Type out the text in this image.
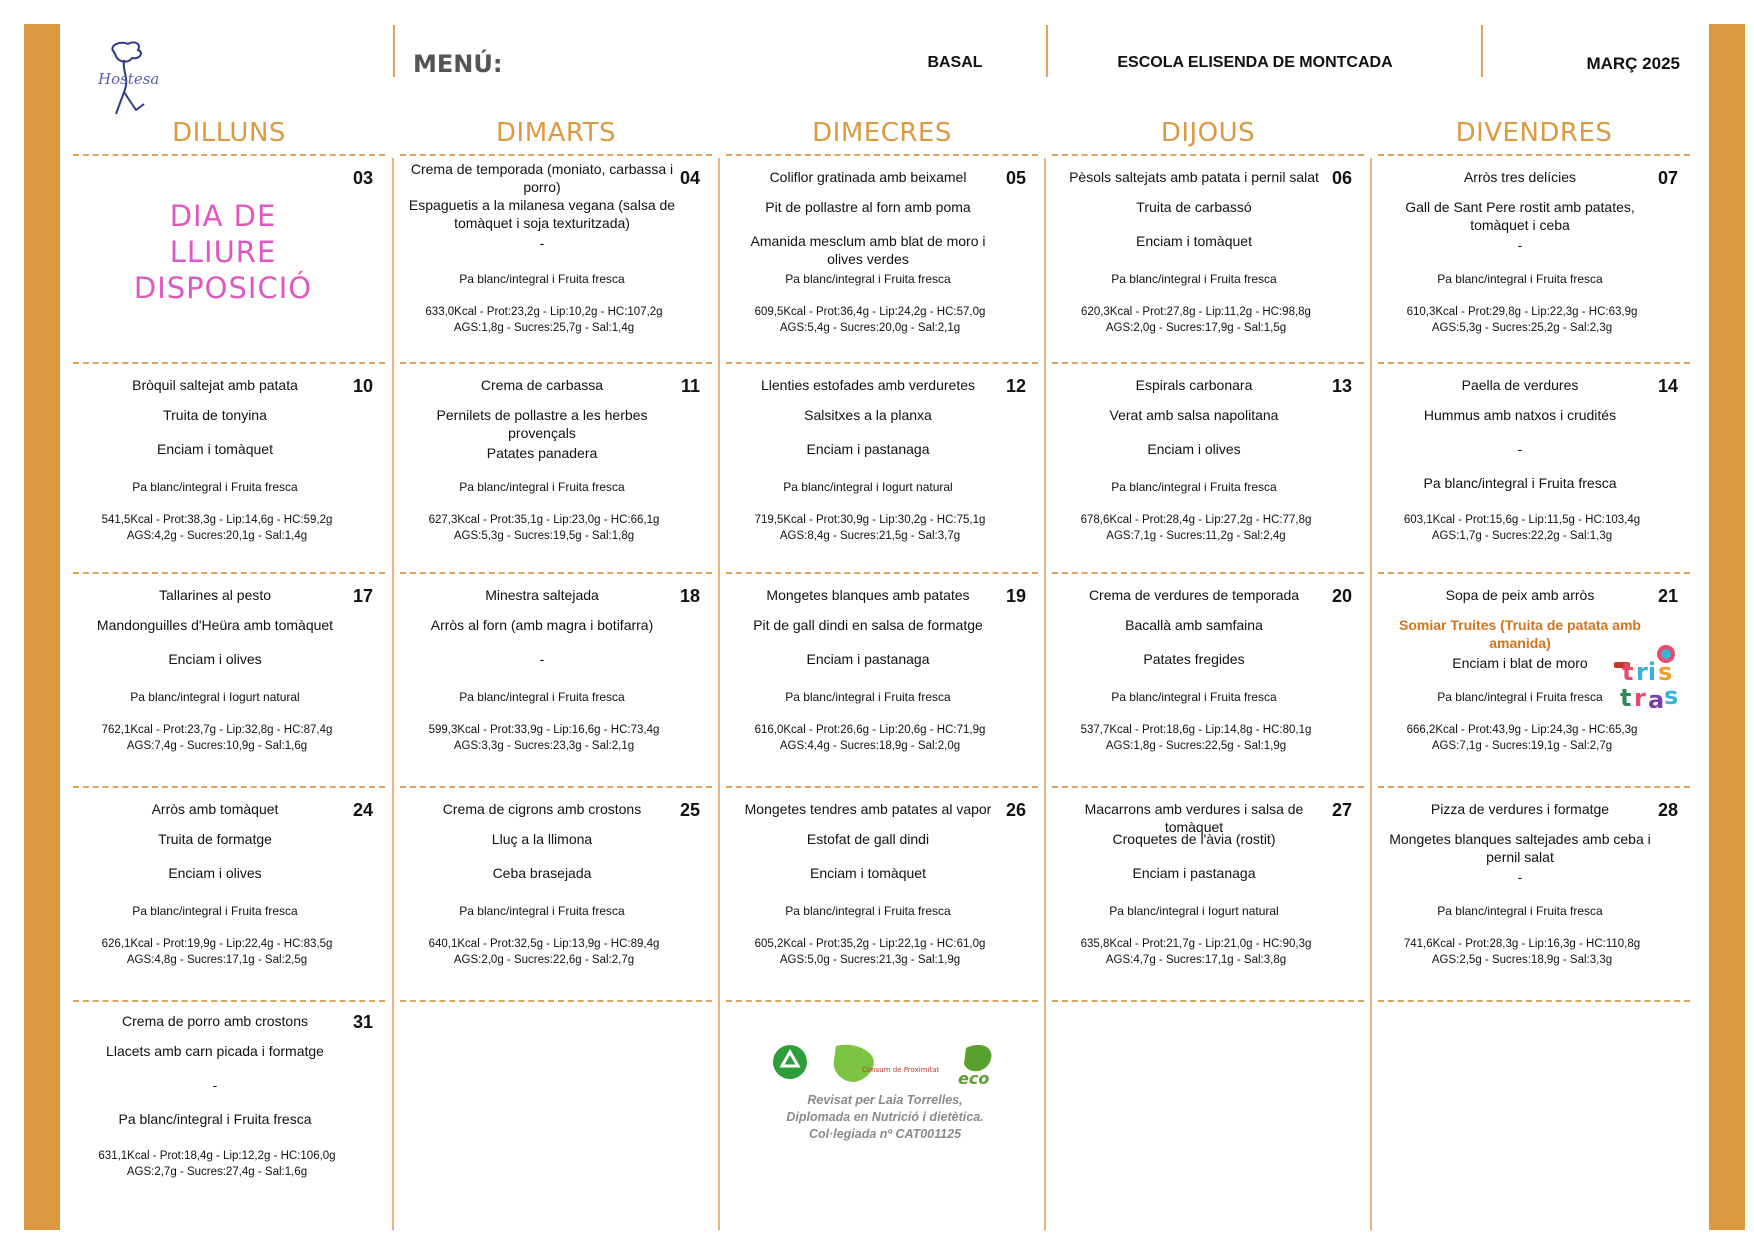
Hostesa
MENÚ:	BASAL	ESCOLA ELISENDA DE MONTCADA	MARÇ 2025
DILLUNS	DIMARTS	DIMECRES	DIJOUS	DIVENDRES
03
DIA DE LLIURE DISPOSICIÓ
04
Crema de temporada (moniato, carbassa i porro)
Espaguetis a la milanesa vegana (salsa de tomàquet i soja texturitzada)
-
Pa blanc/integral i Fruita fresca
633,0Kcal - Prot:23,2g - Lip:10,2g - HC:107,2g
AGS:1,8g - Sucres:25,7g - Sal:1,4g
05
Coliflor gratinada amb beixamel
Pit de pollastre al forn amb poma
Amanida mesclum amb blat de moro i olives verdes
Pa blanc/integral i Fruita fresca
609,5Kcal - Prot:36,4g - Lip:24,2g - HC:57,0g
AGS:5,4g - Sucres:20,0g - Sal:2,1g
06
Pèsols saltejats amb patata i pernil salat
Truita de carbassó
Enciam i tomàquet
Pa blanc/integral i Fruita fresca
620,3Kcal - Prot:27,8g - Lip:11,2g - HC:98,8g
AGS:2,0g - Sucres:17,9g - Sal:1,5g
07
Arròs tres delícies
Gall de Sant Pere rostit amb patates, tomàquet i ceba
-
Pa blanc/integral i Fruita fresca
610,3Kcal - Prot:29,8g - Lip:22,3g - HC:63,9g
AGS:5,3g - Sucres:25,2g - Sal:2,3g
10
Bròquil saltejat amb patata
Truita de tonyina
Enciam i tomàquet
Pa blanc/integral i Fruita fresca
541,5Kcal - Prot:38,3g - Lip:14,6g - HC:59,2g
AGS:4,2g - Sucres:20,1g - Sal:1,4g
11
Crema de carbassa
Pernilets de pollastre a les herbes provençals
Patates panadera
Pa blanc/integral i Fruita fresca
627,3Kcal - Prot:35,1g - Lip:23,0g - HC:66,1g
AGS:5,3g - Sucres:19,5g - Sal:1,8g
12
Llenties estofades amb verduretes
Salsitxes a la planxa
Enciam i pastanaga
Pa blanc/integral i Iogurt natural
719,5Kcal - Prot:30,9g - Lip:30,2g - HC:75,1g
AGS:8,4g - Sucres:21,5g - Sal:3,7g
13
Espirals carbonara
Verat amb salsa napolitana
Enciam i olives
Pa blanc/integral i Fruita fresca
678,6Kcal - Prot:28,4g - Lip:27,2g - HC:77,8g
AGS:7,1g - Sucres:11,2g - Sal:2,4g
14
Paella de verdures
Hummus amb natxos i crudités
-
Pa blanc/integral i Fruita fresca
603,1Kcal - Prot:15,6g - Lip:11,5g - HC:103,4g
AGS:1,7g - Sucres:22,2g - Sal:1,3g
17
Tallarines al pesto
Mandonguilles d'Heüra amb tomàquet
Enciam i olives
Pa blanc/integral i Iogurt natural
762,1Kcal - Prot:23,7g - Lip:32,8g - HC:87,4g
AGS:7,4g - Sucres:10,9g - Sal:1,6g
18
Minestra saltejada
Arròs al forn (amb magra i botifarra)
-
Pa blanc/integral i Fruita fresca
599,3Kcal - Prot:33,9g - Lip:16,6g - HC:73,4g
AGS:3,3g - Sucres:23,3g - Sal:2,1g
19
Mongetes blanques amb patates
Pit de gall dindi en salsa de formatge
Enciam i pastanaga
Pa blanc/integral i Fruita fresca
616,0Kcal - Prot:26,6g - Lip:20,6g - HC:71,9g
AGS:4,4g - Sucres:18,9g - Sal:2,0g
20
Crema de verdures de temporada
Bacallà amb samfaina
Patates fregides
Pa blanc/integral i Fruita fresca
537,7Kcal - Prot:18,6g - Lip:14,8g - HC:80,1g
AGS:1,8g - Sucres:22,5g - Sal:1,9g
21
Sopa de peix amb arròs
Somiar Truites (Truita de patata amb amanida)
Enciam i blat de moro
Pa blanc/integral i Fruita fresca
666,2Kcal - Prot:43,9g - Lip:24,3g - HC:65,3g
AGS:7,1g - Sucres:19,1g - Sal:2,7g
24
Arròs amb tomàquet
Truita de formatge
Enciam i olives
Pa blanc/integral i Fruita fresca
626,1Kcal - Prot:19,9g - Lip:22,4g - HC:83,5g
AGS:4,8g - Sucres:17,1g - Sal:2,5g
25
Crema de cigrons amb crostons
Lluç a la llimona
Ceba brasejada
Pa blanc/integral i Fruita fresca
640,1Kcal - Prot:32,5g - Lip:13,9g - HC:89,4g
AGS:2,0g - Sucres:22,6g - Sal:2,7g
26
Mongetes tendres amb patates al vapor
Estofat de gall dindi
Enciam i tomàquet
Pa blanc/integral i Fruita fresca
605,2Kcal - Prot:35,2g - Lip:22,1g - HC:61,0g
AGS:5,0g - Sucres:21,3g - Sal:1,9g
27
Macarrons amb verdures i salsa de tomàquet
Croquetes de l'àvia (rostit)
Enciam i pastanaga
Pa blanc/integral i Iogurt natural
635,8Kcal - Prot:21,7g - Lip:21,0g - HC:90,3g
AGS:4,7g - Sucres:17,1g - Sal:3,8g
28
Pizza de verdures i formatge
Mongetes blanques saltejades amb ceba i pernil salat
-
Pa blanc/integral i Fruita fresca
741,6Kcal - Prot:28,3g - Lip:16,3g - HC:110,8g
AGS:2,5g - Sucres:18,9g - Sal:3,3g
31
Crema de porro amb crostons
Llacets amb carn picada i formatge
-
Pa blanc/integral i Fruita fresca
631,1Kcal - Prot:18,4g - Lip:12,2g - HC:106,0g
AGS:2,7g - Sucres:27,4g - Sal:1,6g
t ri s
t r a s
Consum de Proximitat eco
Revisat per Laia Torrelles,
Diplomada en Nutrició i dietètica.
Col·legiada nº CAT001125
